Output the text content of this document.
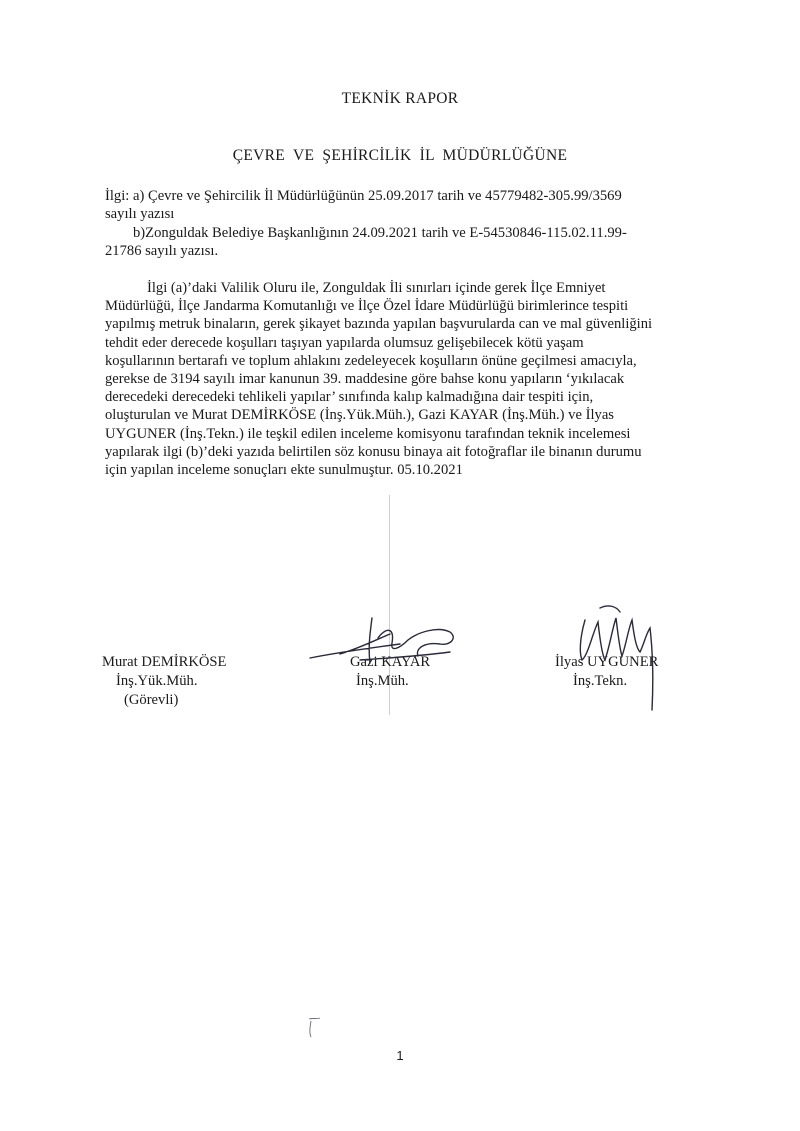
TEKNİK RAPOR
ÇEVRE VE ŞEHİRCİLİK İL MÜDÜRLÜĞÜNE
İlgi: a) Çevre ve Şehircilik İl Müdürlüğünün 25.09.2017 tarih ve 45779482-305.99/3569
sayılı yazısı
b)Zonguldak Belediye Başkanlığının 24.09.2021 tarih ve E-54530846-115.02.11.99-
21786 sayılı yazısı.
İlgi (a)’daki Valilik Oluru ile, Zonguldak İli sınırları içinde gerek İlçe Emniyet
Müdürlüğü, İlçe Jandarma Komutanlığı ve İlçe Özel İdare Müdürlüğü birimlerince tespiti
yapılmış metruk binaların, gerek şikayet bazında yapılan başvurularda can ve mal güvenliğini
tehdit eder derecede koşulları taşıyan yapılarda olumsuz gelişebilecek kötü yaşam
koşullarının bertarafı ve toplum ahlakını zedeleyecek koşulların önüne geçilmesi amacıyla,
gerekse de 3194 sayılı imar kanunun 39. maddesine göre bahse konu yapıların ‘yıkılacak
derecedeki derecedeki tehlikeli yapılar’ sınıfında kalıp kalmadığına dair tespiti için,
oluşturulan ve Murat DEMİRKÖSE (İnş.Yük.Müh.), Gazi KAYAR (İnş.Müh.) ve İlyas
UYGUNER (İnş.Tekn.) ile teşkil edilen inceleme komisyonu tarafından teknik incelemesi
yapılarak ilgi (b)’deki yazıda belirtilen söz konusu binaya ait fotoğraflar ile binanın durumu
için yapılan inceleme sonuçları ekte sunulmuştur. 05.10.2021
Murat DEMİRKÖSE
İnş.Yük.Müh.
(Görevli)
Gazi KAYAR
İnş.Müh.
İlyas UYGUNER
İnş.Tekn.
1
